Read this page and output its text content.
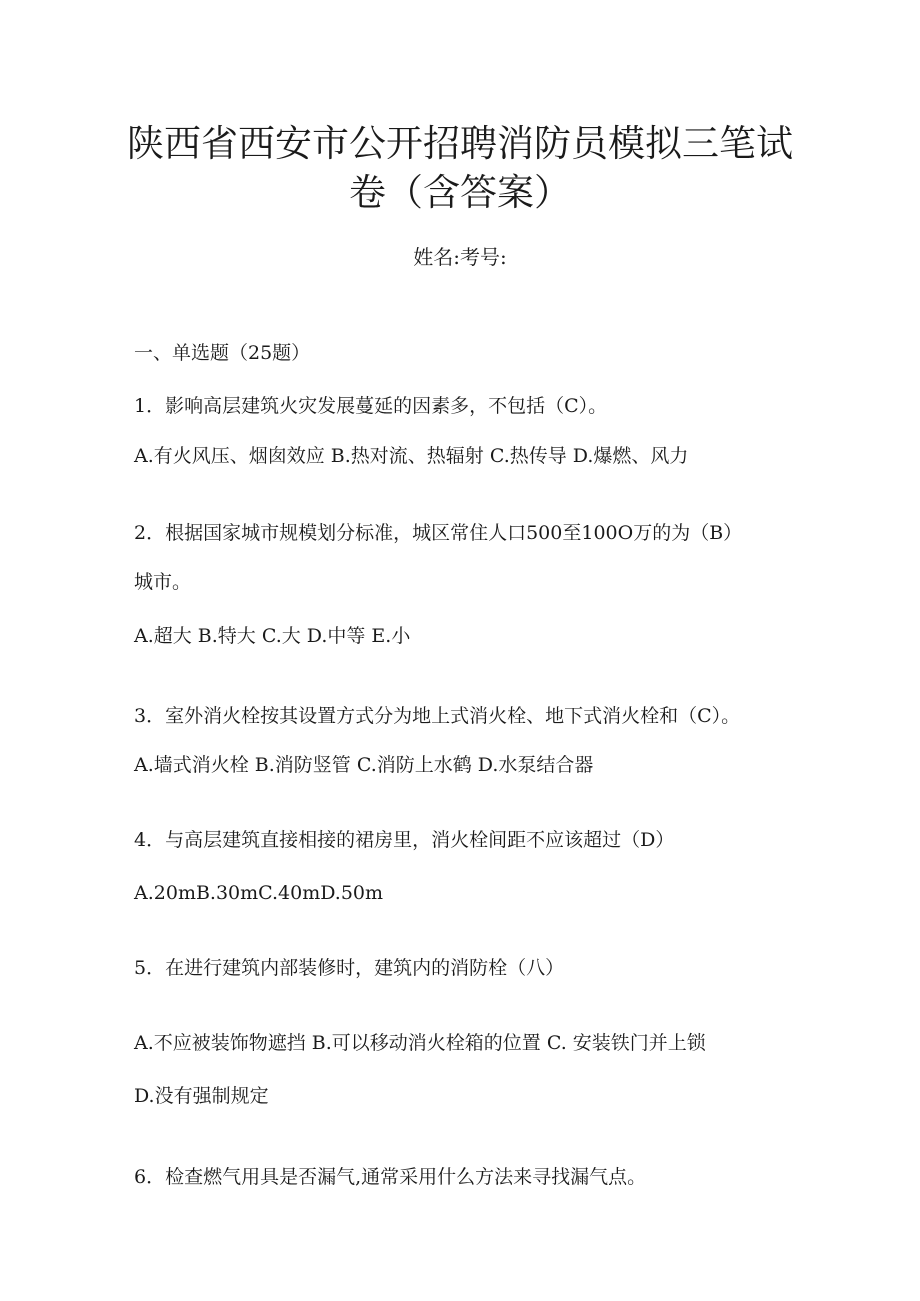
陕西省西安市公开招聘消防员模拟三笔试
卷（含答案）
姓名:考号:
一、单选题（25题）
1．影响高层建筑火灾发展蔓延的因素多，不包括（C）。
A.有火风压、烟囱效应 B.热对流、热辐射 C.热传导 D.爆燃、风力
2．根据国家城市规模划分标准，城区常住人口500至100O万的为（B）
城市。
A.超大 B.特大 C.大 D.中等 E.小
3．室外消火栓按其设置方式分为地上式消火栓、地下式消火栓和（C）。
A.墙式消火栓 B.消防竖管 C.消防上水鹤 D.水泵结合器
4．与高层建筑直接相接的裙房里，消火栓间距不应该超过（D）
A.20mB.30mC.40mD.50m
5．在进行建筑内部装修时，建筑内的消防栓（八）
A.不应被装饰物遮挡 B.可以移动消火栓箱的位置 C. 安装铁门并上锁
D.没有强制规定
6．检查燃气用具是否漏气,通常采用什么方法来寻找漏气点。
